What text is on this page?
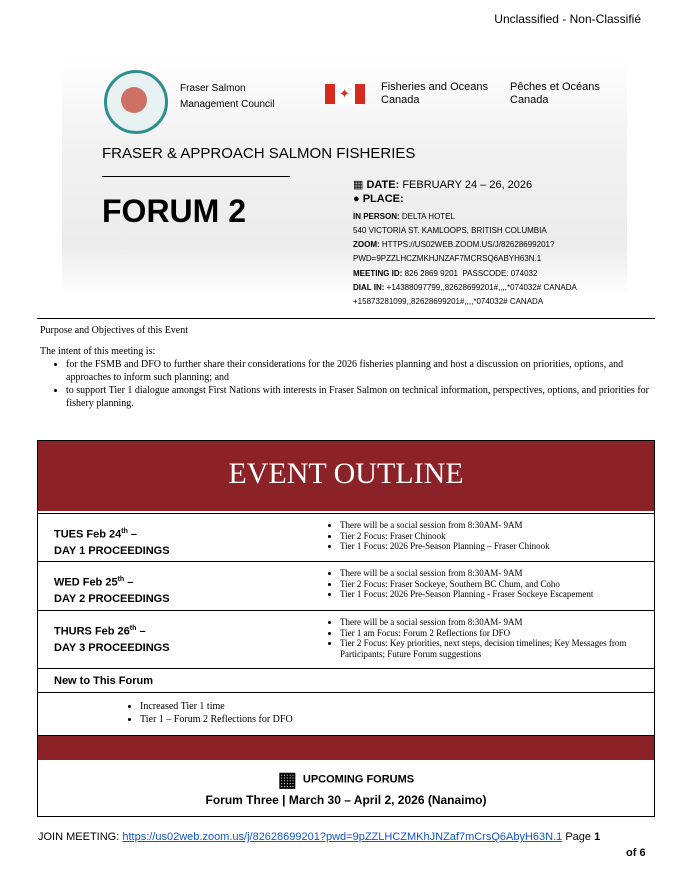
Unclassified - Non-Classifié
Fraser Salmon
Management Council
✦	Fisheries and Oceans
Canada
Pêches et Océans
Canada
FRASER & APPROACH SALMON FISHERIES
FORUM 2
▦ DATE: FEBRUARY 24 – 26, 2026
● PLACE:
IN PERSON: DELTA HOTEL
540 VICTORIA ST. KAMLOOPS, BRITISH COLUMBIA
ZOOM: HTTPS://US02WEB.ZOOM.US/J/82628699201?
PWD=9PZZLHCZMKHJNZAF7MCRSQ6ABYH63N.1
MEETING ID: 826 2869 9201 PASSCODE: 074032
DIAL IN: +14388097799,,82628699201#,,,,*074032# CANADA
+15873281099,,82628699201#,,,,*074032# CANADA
Purpose and Objectives of this Event
The intent of this meeting is:
• for the FSMB and DFO to further share their considerations for the 2026 fisheries planning and host a discussion on priorities, options, and approaches to inform such planning; and
• to support Tier 1 dialogue amongst First Nations with interests in Fraser Salmon on technical information, perspectives, options, and priorities for fishery planning.
EVENT OUTLINE
TUES Feb 24th –
DAY 1 PROCEEDINGS
• There will be a social session from 8:30AM- 9AM
• Tier 2 Focus: Fraser Chinook
• Tier 1 Focus: 2026 Pre-Season Planning – Fraser Chinook
WED Feb 25th –
DAY 2 PROCEEDINGS
• There will be a social session from 8:30AM- 9AM
• Tier 2 Focus: Fraser Sockeye, Southern BC Chum, and Coho
• Tier 1 Focus: 2026 Pre-Season Planning - Fraser Sockeye Escapement
THURS Feb 26th –
DAY 3 PROCEEDINGS
• There will be a social session from 8:30AM- 9AM
• Tier 1 am Focus: Forum 2 Reflections for DFO
• Tier 2 Focus: Key priorities, next steps, decision timelines; Key Messages from Participants; Future Forum suggestions
New to This Forum
• Increased Tier 1 time
• Tier 1 – Forum 2 Reflections for DFO
▦ UPCOMING FORUMS
Forum Three | March 30 – April 2, 2026 (Nanaimo)
JOIN MEETING: https://us02web.zoom.us/j/82628699201?pwd=9pZZLHCZMKhJNZaf7mCrsQ6AbyH63N.1 Page 1
of 6
